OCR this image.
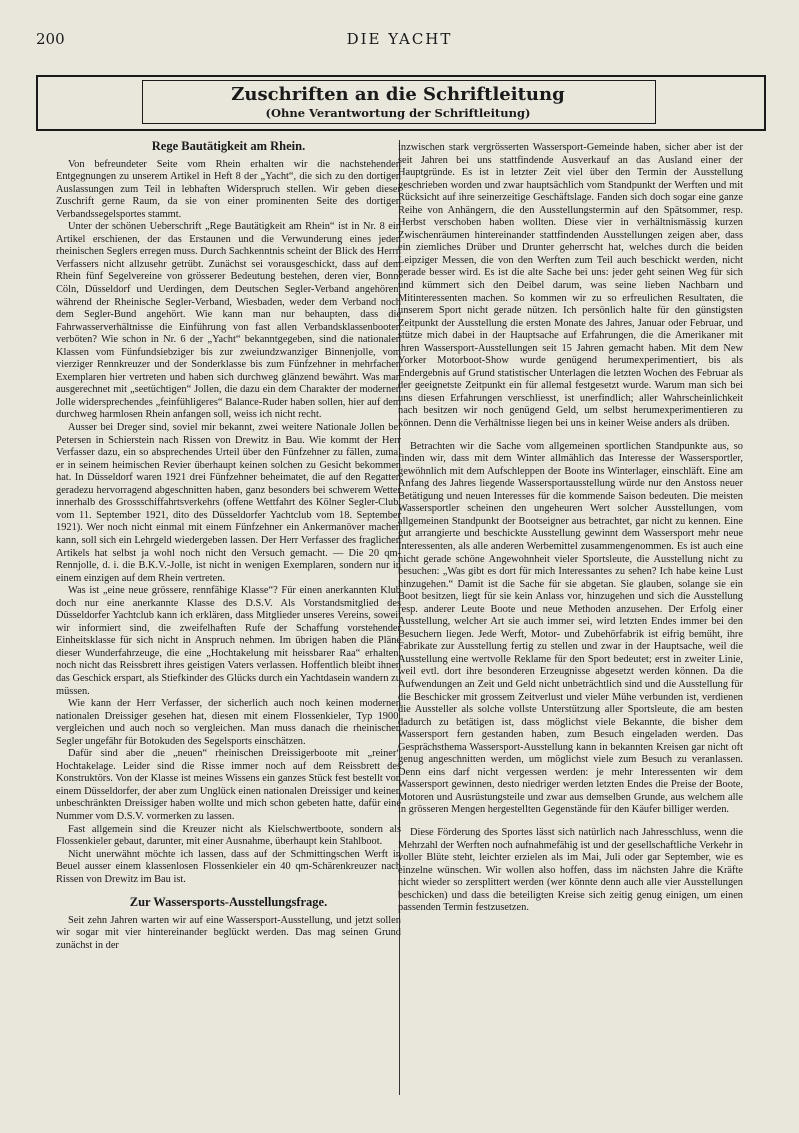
200	DIE YACHT
Zuschriften an die Schriftleitung
(Ohne Verantwortung der Schriftleitung)
Rege Bautätigkeit am Rhein.

Von befreundeter Seite vom Rhein erhalten wir die nachstehenden Entgegnungen zu unserem Artikel in Heft 8 der „Yacht“, die sich zu den dortigen Auslassungen zum Teil in lebhaften Widerspruch stellen. Wir geben dieser Zuschrift gerne Raum, da sie von einer prominenten Seite des dortigen Verbandssegelsportes stammt.

Unter der schönen Ueberschrift „Rege Bautätigkeit am Rhein“ ist in Nr. 8 ein Artikel erschienen, der das Erstaunen und die Verwunderung eines jeden rheinischen Seglers erregen muss. Durch Sachkenntnis scheint der Blick des Herrn Verfassers nicht allzusehr getrübt. Zunächst sei vorausgeschickt, dass auf dem Rhein fünf Segelvereine von grösserer Bedeutung bestehen, deren vier, Bonn, Cöln, Düsseldorf und Uerdingen, dem Deutschen Segler-Verband angehören, während der Rheinische Segler-Verband, Wiesbaden, weder dem Verband noch dem Segler-Bund angehört. Wie kann man nur behaupten, dass die Fahrwasserverhältnisse die Einführung von fast allen Verbandsklassenbooten verböten? Wie schon in Nr. 6 der „Yacht“ bekanntgegeben, sind die nationalen Klassen vom Fünfundsiebziger bis zur zweiundzwanziger Binnenjolle, vom vierziger Rennkreuzer und der Sonderklasse bis zum Fünfzehner in mehrfachen Exemplaren hier vertreten und haben sich durchweg glänzend bewährt. Was man ausgerechnet mit „seetüchtigen“ Jollen, die dazu ein dem Charakter der modernen Jolle widersprechendes „feinfühligeres“ Balance-Ruder haben sollen, hier auf dem durchweg harmlosen Rhein anfangen soll, weiss ich nicht recht.

Ausser bei Dreger sind, soviel mir bekannt, zwei weitere Nationale Jollen bei Petersen in Schierstein nach Rissen von Drewitz in Bau. Wie kommt der Herr Verfasser dazu, ein so absprechendes Urteil über den Fünfzehner zu fällen, zumal er in seinem heimischen Revier überhaupt keinen solchen zu Gesicht bekommen hat. In Düsseldorf waren 1921 drei Fünfzehner beheimatet, die auf den Regatten geradezu hervorragend abgeschnitten haben, ganz besonders bei schwerem Wetter innerhalb des Grossschiffahrtsverkehrs (offene Wettfahrt des Kölner Segler-Club, vom 11. September 1921, dito des Düsseldorfer Yachtclub vom 18. September 1921). Wer noch nicht einmal mit einem Fünfzehner ein Ankermanöver machen kann, soll sich ein Lehrgeld wiedergeben lassen. Der Herr Verfasser des fraglichen Artikels hat selbst ja wohl noch nicht den Versuch gemacht. — Die 20 qm-Rennjolle, d. i. die B.K.V.-Jolle, ist nicht in wenigen Exemplaren, sondern nur in einem einzigen auf dem Rhein vertreten.

Was ist „eine neue grössere, rennfähige Klasse“? Für einen anerkannten Klub doch nur eine anerkannte Klasse des D.S.V. Als Vorstandsmitglied des Düsseldorfer Yachtclub kann ich erklären, dass Mitglieder unseres Vereins, soweit wir informiert sind, die zweifelhaften Rufe der Schaffung vorstehender Einheitsklasse für sich nicht in Anspruch nehmen. Im übrigen haben die Pläne dieser Wunderfahrzeuge, die eine „Hochtakelung mit heissbarer Raa“ erhalten, noch nicht das Reissbrett ihres geistigen Vaters verlassen. Hoffentlich bleibt ihnen das Geschick erspart, als Stiefkinder des Glücks durch ein Yachtdasein wandern zu müssen.

Wie kann der Herr Verfasser, der sicherlich auch noch keinen modernen nationalen Dreissiger gesehen hat, diesen mit einem Flossenkieler, Typ 1900, vergleichen und auch noch so vergleichen. Man muss danach die rheinischen Segler ungefähr für Botokuden des Segelsports einschätzen.

Dafür sind aber die „neuen“ rheinischen Dreissigerboote mit „reiner“ Hochtakelage. Leider sind die Risse immer noch auf dem Reissbrett des Konstruktörs. Von der Klasse ist meines Wissens ein ganzes Stück fest bestellt von einem Düsseldorfer, der aber zum Unglück einen nationalen Dreissiger und keinen unbeschränkten Dreissiger haben wollte und mich schon gebeten hatte, dafür eine Nummer vom D.S.V. vormerken zu lassen.

Fast allgemein sind die Kreuzer nicht als Kielschwertboote, sondern als Flossenkieler gebaut, darunter, mit einer Ausnahme, überhaupt kein Stahlboot.

Nicht unerwähnt möchte ich lassen, dass auf der Schmittingschen Werft in Beuel ausser einem klassenlosen Flossenkieler ein 40 qm-Schärenkreuzer nach Rissen von Drewitz im Bau ist.

Zur Wassersports-Ausstellungsfrage.

Seit zehn Jahren warten wir auf eine Wassersport-Ausstellung, und jetzt sollen wir sogar mit vier hintereinander beglückt werden. Das mag seinen Grund zunächst in der

inzwischen stark vergrösserten Wassersport-Gemeinde haben, sicher aber ist der seit Jahren bei uns stattfindende Ausverkauf an das Ausland einer der Hauptgründe. Es ist in letzter Zeit viel über den Termin der Ausstellung geschrieben worden und zwar hauptsächlich vom Standpunkt der Werften und mit Rücksicht auf ihre seinerzeitige Geschäftslage. Fanden sich doch sogar eine ganze Reihe von Anhängern, die den Ausstellungstermin auf den Spätsommer, resp. Herbst verschoben haben wollten. Diese vier in verhältnismässig kurzen Zwischenräumen hintereinander stattfindenden Ausstellungen zeigen aber, dass ein ziemliches Drüber und Drunter geherrscht hat, welches durch die beiden Leipziger Messen, die von den Werften zum Teil auch beschickt werden, nicht gerade besser wird. Es ist die alte Sache bei uns: jeder geht seinen Weg für sich und kümmert sich den Deibel darum, was seine lieben Nachbarn und Mitinteressenten machen. So kommen wir zu so erfreulichen Resultaten, die unserem Sport nicht gerade nützen. Ich persönlich halte für den günstigsten Zeitpunkt der Ausstellung die ersten Monate des Jahres, Januar oder Februar, und stütze mich dabei in der Hauptsache auf Erfahrungen, die die Amerikaner mit ihren Wassersport-Ausstellungen seit 15 Jahren gemacht haben. Mit dem New Yorker Motorboot-Show wurde genügend herumexperimentiert, bis als Endergebnis auf Grund statistischer Unterlagen die letzten Wochen des Februar als der geeignetste Zeitpunkt ein für allemal festgesetzt wurde. Warum man sich bei uns diesen Erfahrungen verschliesst, ist unerfindlich; aller Wahrscheinlichkeit nach besitzen wir noch genügend Geld, um selbst herumexperimentieren zu können. Denn die Verhältnisse liegen bei uns in keiner Weise anders als drüben.

Betrachten wir die Sache vom allgemeinen sportlichen Standpunkte aus, so finden wir, dass mit dem Winter allmählich das Interesse der Wassersportler, gewöhnlich mit dem Aufschleppen der Boote ins Winterlager, einschläft. Eine am Anfang des Jahres liegende Wassersportausstellung würde nur den Anstoss neuer Betätigung und neuen Interesses für die kommende Saison bedeuten. Die meisten Wassersportler scheinen den ungeheuren Wert solcher Ausstellungen, vom allgemeinen Standpunkt der Bootseigner aus betrachtet, gar nicht zu kennen. Eine gut arrangierte und beschickte Ausstellung gewinnt dem Wassersport mehr neue Interessenten, als alle anderen Werbemittel zusammengenommen. Es ist auch eine nicht gerade schöne Angewohnheit vieler Sportsleute, die Ausstellung nicht zu besuchen: „Was gibt es dort für mich Interessantes zu sehen? Ich habe keine Lust hinzugehen.“ Damit ist die Sache für sie abgetan. Sie glauben, solange sie ein Boot besitzen, liegt für sie kein Anlass vor, hinzugehen und sich die Ausstellung resp. anderer Leute Boote und neue Methoden anzusehen. Der Erfolg einer Ausstellung, welcher Art sie auch immer sei, wird letzten Endes immer bei den Besuchern liegen. Jede Werft, Motor- und Zubehörfabrik ist eifrig bemüht, ihre Fabrikate zur Ausstellung fertig zu stellen und zwar in der Hauptsache, weil die Ausstellung eine wertvolle Reklame für den Sport bedeutet; erst in zweiter Linie, weil evtl. dort ihre besonderen Erzeugnisse abgesetzt werden können. Da die Aufwendungen an Zeit und Geld nicht unbeträchtlich sind und die Ausstellung für die Beschicker mit grossem Zeitverlust und vieler Mühe verbunden ist, verdienen die Aussteller als solche vollste Unterstützung aller Sportsleute, die am besten dadurch zu betätigen ist, dass möglichst viele Bekannte, die bisher dem Wassersport fern gestanden haben, zum Besuch eingeladen werden. Das Gesprächsthema Wassersport-Ausstellung kann in bekannten Kreisen gar nicht oft genug angeschnitten werden, um möglichst viele zum Besuch zu veranlassen. Denn eins darf nicht vergessen werden: je mehr Interessenten wir dem Wassersport gewinnen, desto niedriger werden letzten Endes die Preise der Boote, Motoren und Ausrüstungsteile und zwar aus demselben Grunde, aus welchem alle in grösseren Mengen hergestellten Gegenstände für den Käufer billiger werden.

Diese Förderung des Sportes lässt sich natürlich nach Jahresschluss, wenn die Mehrzahl der Werften noch aufnahmefähig ist und der gesellschaftliche Verkehr in voller Blüte steht, leichter erzielen als im Mai, Juli oder gar September, wie es einzelne wünschen. Wir wollen also hoffen, dass im nächsten Jahre die Kräfte nicht wieder so zersplittert werden (wer könnte denn auch alle vier Ausstellungen beschicken) und dass die beteiligten Kreise sich zeitig genug einigen, um einen passenden Termin festzusetzen.
